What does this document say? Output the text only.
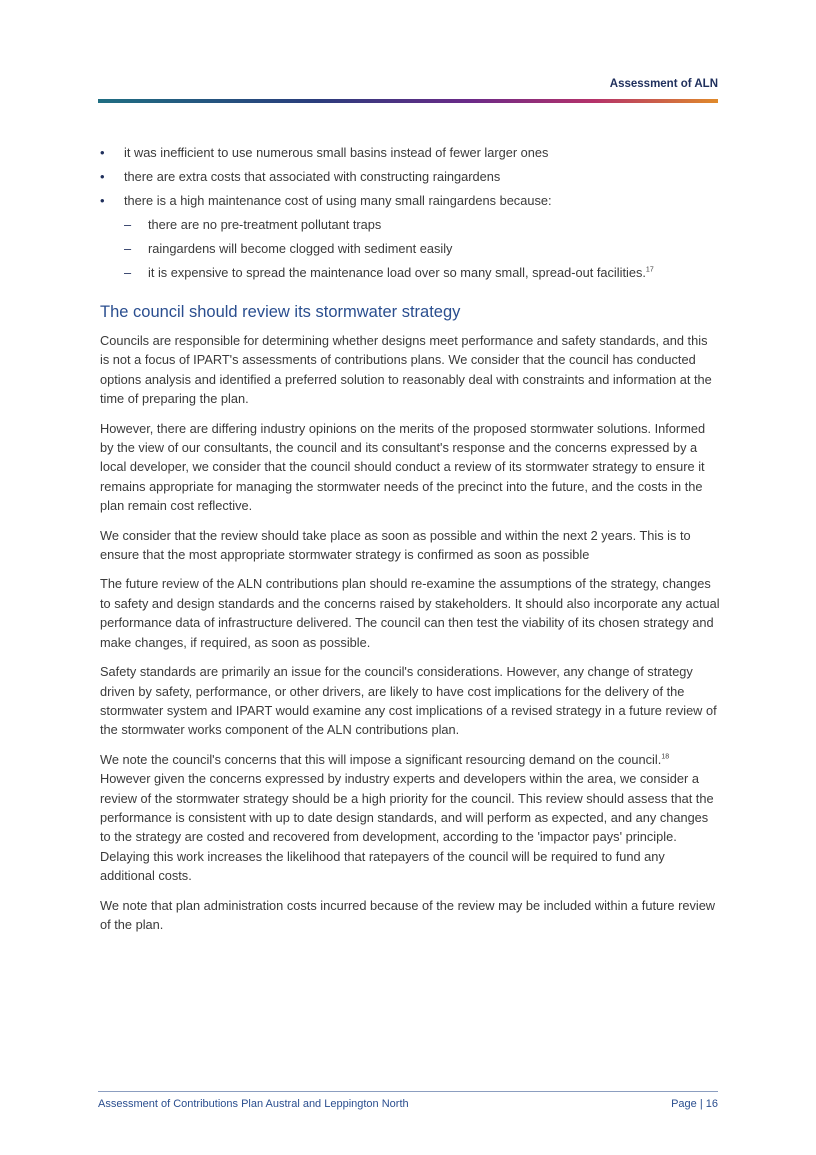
Assessment of ALN
• it was inefficient to use numerous small basins instead of fewer larger ones
• there are extra costs that associated with constructing raingardens
• there is a high maintenance cost of using many small raingardens because:
– there are no pre-treatment pollutant traps
– raingardens will become clogged with sediment easily
– it is expensive to spread the maintenance load over so many small, spread-out facilities.$^{17}$
The council should review its stormwater strategy

Councils are responsible for determining whether designs meet performance and safety standards, and this is not a focus of IPART's assessments of contributions plans. We consider that the council has conducted options analysis and identified a preferred solution to reasonably deal with constraints and information at the time of preparing the plan.

However, there are differing industry opinions on the merits of the proposed stormwater solutions. Informed by the view of our consultants, the council and its consultant's response and the concerns expressed by a local developer, we consider that the council should conduct a review of its stormwater strategy to ensure it remains appropriate for managing the stormwater needs of the precinct into the future, and the costs in the plan remain cost reflective.

We consider that the review should take place as soon as possible and within the next 2 years. This is to ensure that the most appropriate stormwater strategy is confirmed as soon as possible

The future review of the ALN contributions plan should re-examine the assumptions of the strategy, changes to safety and design standards and the concerns raised by stakeholders. It should also incorporate any actual performance data of infrastructure delivered. The council can then test the viability of its chosen strategy and make changes, if required, as soon as possible.

Safety standards are primarily an issue for the council's considerations. However, any change of strategy driven by safety, performance, or other drivers, are likely to have cost implications for the delivery of the stormwater system and IPART would examine any cost implications of a revised strategy in a future review of the stormwater works component of the ALN contributions plan.

We note the council's concerns that this will impose a significant resourcing demand on the council.$^{18}$ However given the concerns expressed by industry experts and developers within the area, we consider a review of the stormwater strategy should be a high priority for the council. This review should assess that the performance is consistent with up to date design standards, and will perform as expected, and any changes to the strategy are costed and recovered from development, according to the 'impactor pays' principle. Delaying this work increases the likelihood that ratepayers of the council will be required to fund any additional costs.

We note that plan administration costs incurred because of the review may be included within a future review of the plan.

Assessment of Contributions Plan Austral and Leppington North	Page | 16
